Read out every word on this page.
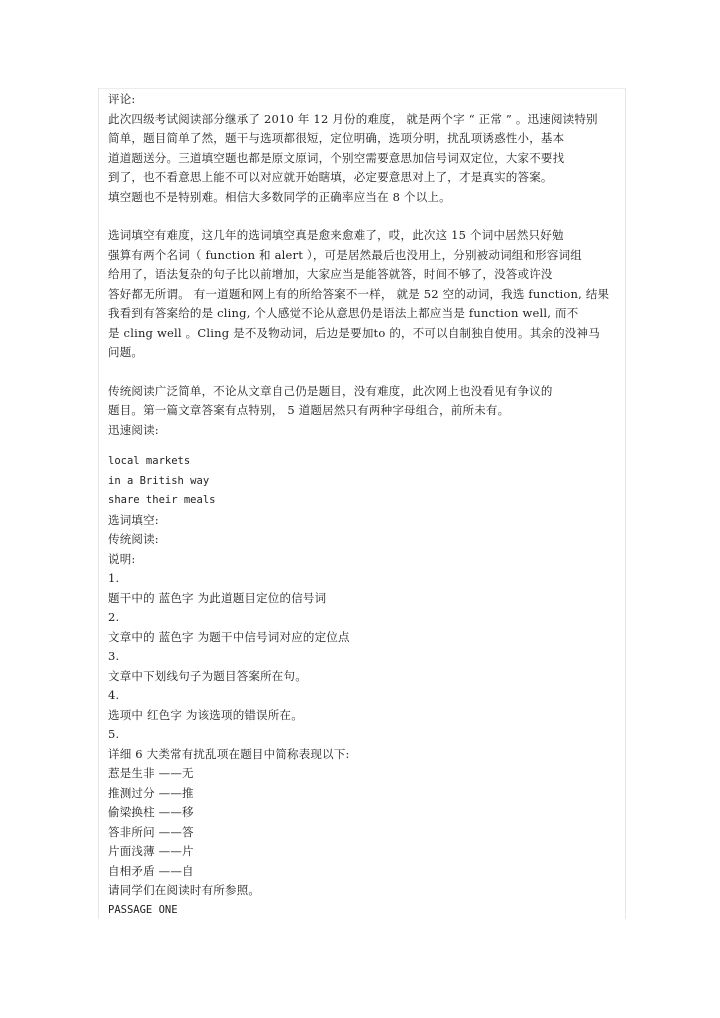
评论:

此次四级考试阅读部分继承了 2010 年 12 月份的难度， 就是两个字 “ 正常 ” 。迅速阅读特别

简单，题目简单了然，题干与选项都很短，定位明确，选项分明，扰乱项诱惑性小，基本

道道题送分。三道填空题也都是原文原词，个别空需要意思加信号词双定位，大家不要找

到了，也不看意思上能不可以对应就开始瞎填，必定要意思对上了，才是真实的答案。

填空题也不是特别难。相信大多数同学的正确率应当在 8 个以上。

选词填空有难度，这几年的选词填空真是愈来愈难了，哎，此次这 15 个词中居然只好勉

强算有两个名词（ function 和 alert ），可是居然最后也没用上，分别被动词组和形容词组

给用了，语法复杂的句子比以前增加，大家应当是能答就答，时间不够了，没答或许没

答好都无所谓。 有一道题和网上有的所给答案不一样， 就是 52 空的动词，我选 function, 结果

我看到有答案给的是 cling, 个人感觉不论从意思仍是语法上都应当是 function well, 而不

是 cling well 。Cling 是不及物动词，后边是要加to 的，不可以自制独自使用。其余的没神马

问题。

传统阅读广泛简单，不论从文章自己仍是题目，没有难度，此次网上也没看见有争议的

题目。第一篇文章答案有点特别， 5 道题居然只有两种字母组合，前所未有。

迅速阅读:

local markets

in a British way

share their meals

选词填空:

传统阅读:

说明:

1.

题干中的 蓝色字 为此道题目定位的信号词

2.

文章中的 蓝色字 为题干中信号词对应的定位点

3.

文章中下划线句子为题目答案所在句。

4.

选项中 红色字 为该选项的错误所在。

5.

详细 6 大类常有扰乱项在题目中简称表现以下:

惹是生非 ——无

推测过分 ——推

偷梁换柱 ——移

答非所问 ——答

片面浅薄 ——片

自相矛盾 ——自

请同学们在阅读时有所参照。

PASSAGE ONE
